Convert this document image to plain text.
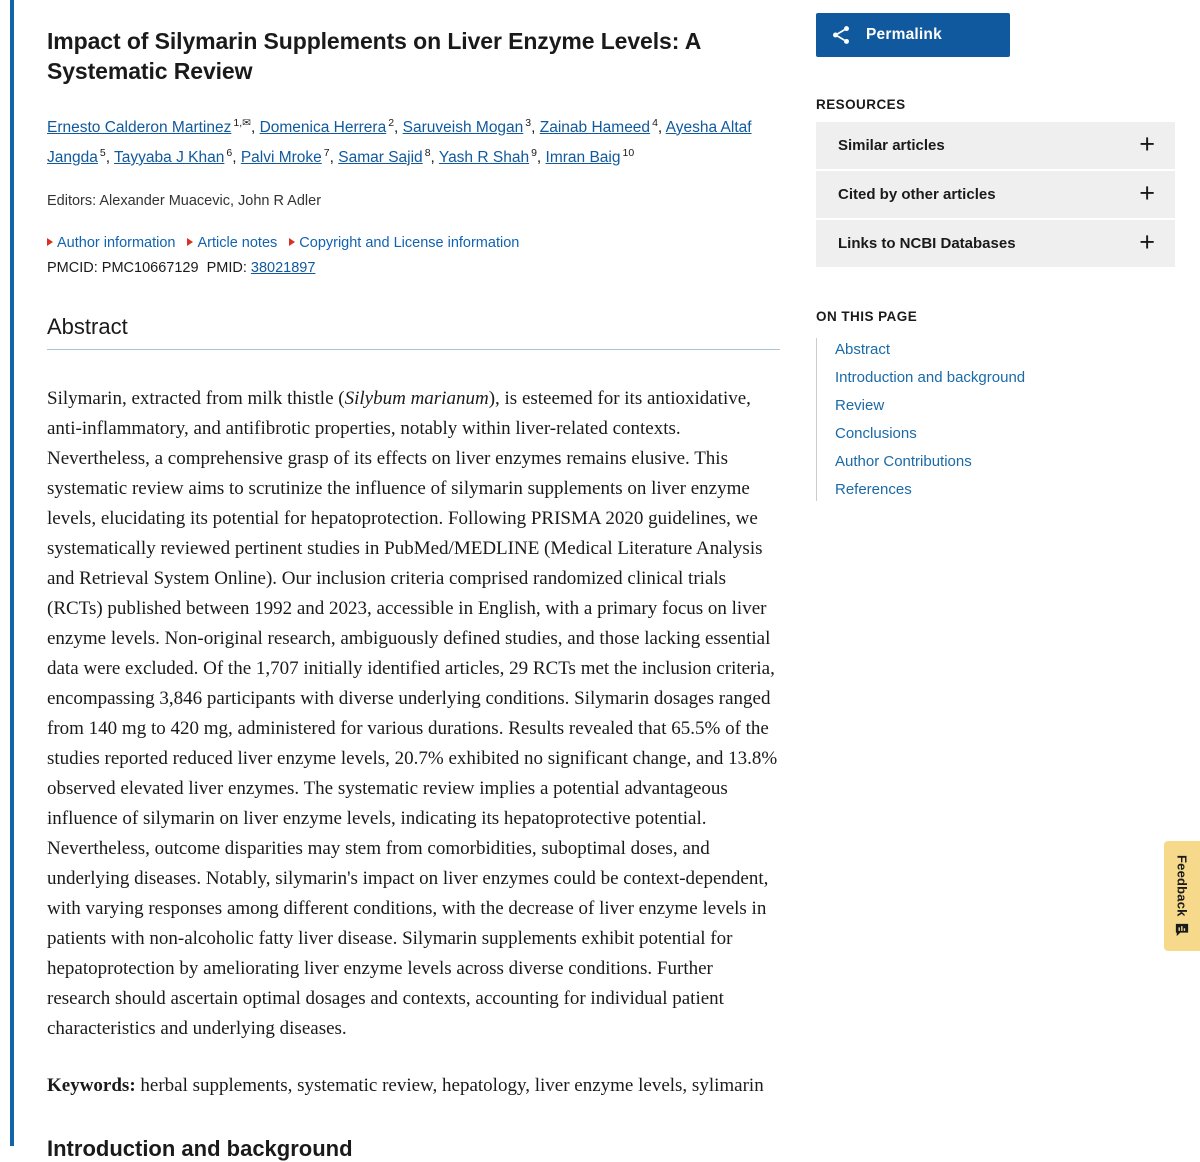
Impact of Silymarin Supplements on Liver Enzyme Levels: A Systematic Review
Ernesto Calderon Martinez $^{1,✉}$, Domenica Herrera $^2$, Saruveish Mogan $^3$, Zainab Hameed $^4$, Ayesha Altaf Jangda $^5$, Tayyaba J Khan $^6$, Palvi Mroke $^7$, Samar Sajid $^8$, Yash R Shah $^9$, Imran Baig $^{10}$
Editors: Alexander Muacevic, John R Adler
Author information Article notes Copyright and License information
PMCID: PMC10667129 PMID: 38021897
Abstract

Silymarin, extracted from milk thistle (Silybum marianum), is esteemed for its antioxidative, anti-inflammatory, and antifibrotic properties, notably within liver-related contexts. Nevertheless, a comprehensive grasp of its effects on liver enzymes remains elusive. This systematic review aims to scrutinize the influence of silymarin supplements on liver enzyme levels, elucidating its potential for hepatoprotection. Following PRISMA 2020 guidelines, we systematically reviewed pertinent studies in PubMed/MEDLINE (Medical Literature Analysis and Retrieval System Online). Our inclusion criteria comprised randomized clinical trials (RCTs) published between 1992 and 2023, accessible in English, with a primary focus on liver enzyme levels. Non-original research, ambiguously defined studies, and those lacking essential data were excluded. Of the 1,707 initially identified articles, 29 RCTs met the inclusion criteria, encompassing 3,846 participants with diverse underlying conditions. Silymarin dosages ranged from 140 mg to 420 mg, administered for various durations. Results revealed that 65.5% of the studies reported reduced liver enzyme levels, 20.7% exhibited no significant change, and 13.8% observed elevated liver enzymes. The systematic review implies a potential advantageous influence of silymarin on liver enzyme levels, indicating its hepatoprotective potential. Nevertheless, outcome disparities may stem from comorbidities, suboptimal doses, and underlying diseases. Notably, silymarin's impact on liver enzymes could be context-dependent, with varying responses among different conditions, with the decrease of liver enzyme levels in patients with non-alcoholic fatty liver disease. Silymarin supplements exhibit potential for hepatoprotection by ameliorating liver enzyme levels across diverse conditions. Further research should ascertain optimal dosages and contexts, accounting for individual patient characteristics and underlying diseases.

Keywords: herbal supplements, systematic review, hepatology, liver enzyme levels, sylimarin

Introduction and background
Permalink
RESOURCES
Similar articles	+
Cited by other articles	+
Links to NCBI Databases	+
ON THIS PAGE
Abstract
Introduction and background
Review
Conclusions
Author Contributions
References
Feedback
